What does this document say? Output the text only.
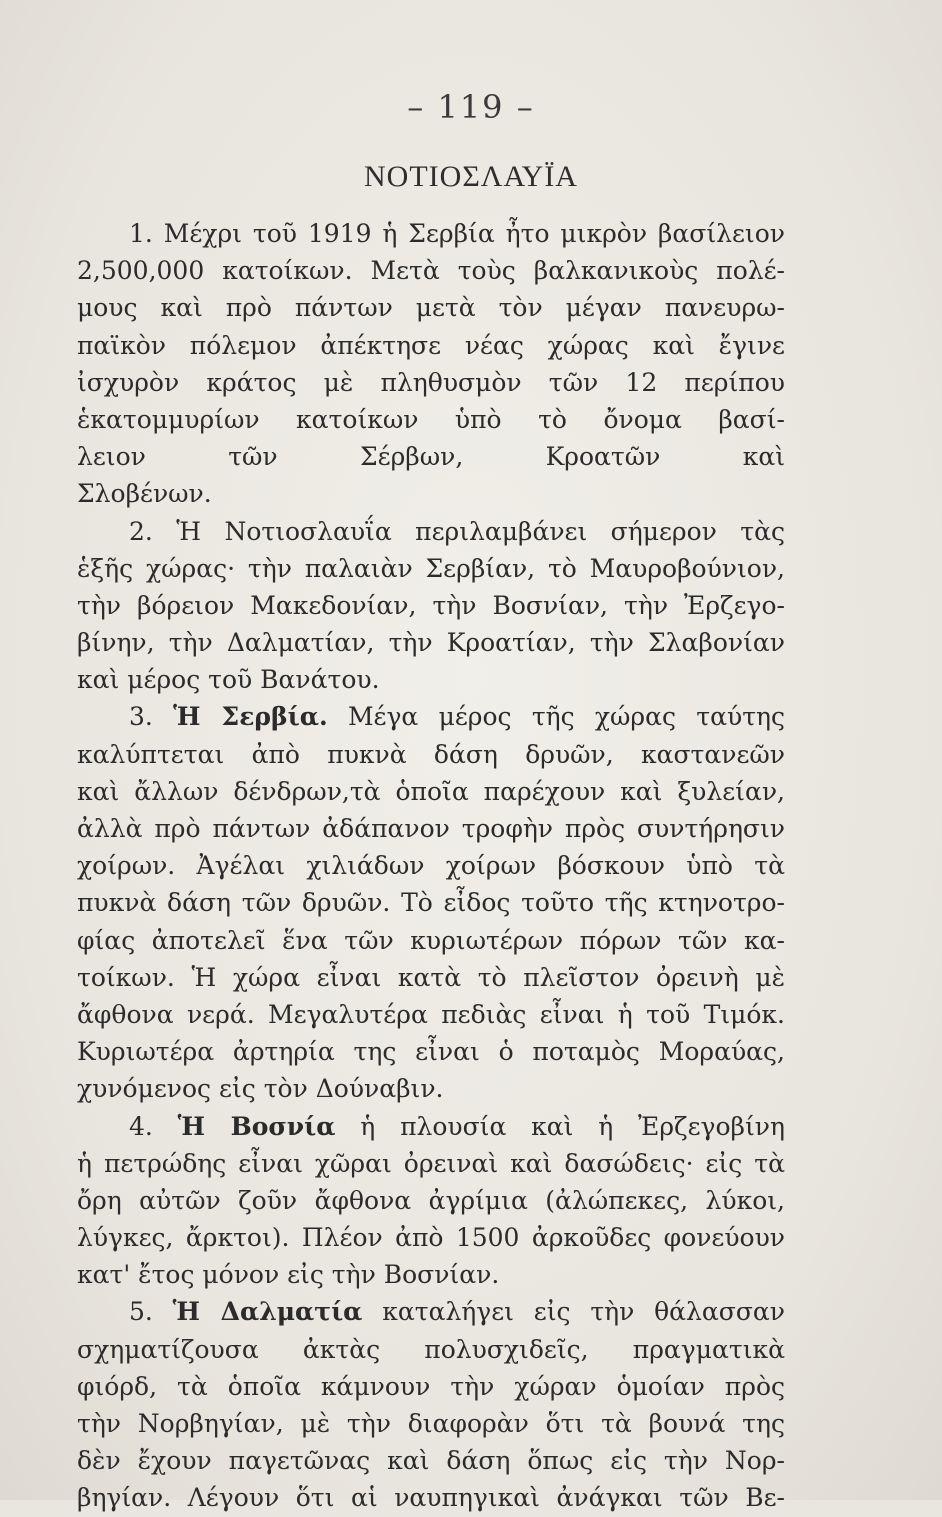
– 119 –
ΝΟΤΙΟΣΛΑΥΪΑ
1. Μέχρι τοῦ 1919 ἡ Σερβία ἦτο μικρὸν βασίλειον
2,500,000 κατοίκων. Μετὰ τοὺς βαλκανικοὺς πολέ-
μους καὶ πρὸ πάντων μετὰ τὸν μέγαν πανευρω-
παϊκὸν πόλεμον ἀπέκτησε νέας χώρας καὶ ἔγινε
ἰσχυρὸν κράτος μὲ πληθυσμὸν τῶν 12 περίπου
ἑκατομμυρίων κατοίκων ὑπὸ τὸ ὄνομα βασί-
λειον τῶν Σέρβων, Κροατῶν καὶ
Σλοβένων.
2. Ἡ Νοτιοσλαυΐα περιλαμβάνει σήμερον τὰς
ἑξῆς χώρας· τὴν παλαιὰν Σερβίαν, τὸ Μαυροβούνιον,
τὴν βόρειον Μακεδονίαν, τὴν Βοσνίαν, τὴν Ἐρζεγο-
βίνην, τὴν Δαλματίαν, τὴν Κροατίαν, τὴν Σλαβονίαν
καὶ μέρος τοῦ Βανάτου.
3. Ἡ Σερβία. Μέγα μέρος τῆς χώρας ταύτης
καλύπτεται ἀπὸ πυκνὰ δάση δρυῶν, καστανεῶν
καὶ ἄλλων δένδρων,τὰ ὁποῖα παρέχουν καὶ ξυλείαν,
ἀλλὰ πρὸ πάντων ἀδάπανον τροφὴν πρὸς συντήρησιν
χοίρων. Ἀγέλαι χιλιάδων χοίρων βόσκουν ὑπὸ τὰ
πυκνὰ δάση τῶν δρυῶν. Τὸ εἶδος τοῦτο τῆς κτηνοτρο-
φίας ἀποτελεῖ ἕνα τῶν κυριωτέρων πόρων τῶν κα-
τοίκων. Ἡ χώρα εἶναι κατὰ τὸ πλεῖστον ὀρεινὴ μὲ
ἄφθονα νερά. Μεγαλυτέρα πεδιὰς εἶναι ἡ τοῦ Τιμόκ.
Κυριωτέρα ἀρτηρία της εἶναι ὁ ποταμὸς Μοραύας,
χυνόμενος εἰς τὸν Δούναβιν.
4. Ἡ Βοσνία ἡ πλουσία καὶ ἡ Ἐρζεγοβίνη
ἡ πετρώδης εἶναι χῶραι ὀρειναὶ καὶ δασώδεις· εἰς τὰ
ὄρη αὐτῶν ζοῦν ἄφθονα ἀγρίμια (ἀλώπεκες, λύκοι,
λύγκες, ἄρκτοι). Πλέον ἀπὸ 1500 ἀρκοῦδες φονεύουν
κατ' ἔτος μόνον εἰς τὴν Βοσνίαν.
5. Ἡ Δαλματία καταλήγει εἰς τὴν θάλασσαν
σχηματίζουσα ἀκτὰς πολυσχιδεῖς, πραγματικὰ
φιόρδ, τὰ ὁποῖα κάμνουν τὴν χώραν ὁμοίαν πρὸς
τὴν Νορβηγίαν, μὲ τὴν διαφορὰν ὅτι τὰ βουνά της
δὲν ἔχουν παγετῶνας καὶ δάση ὅπως εἰς τὴν Νορ-
βηγίαν. Λέγουν ὅτι αἱ ναυπηγικαὶ ἀνάγκαι τῶν Βε-
